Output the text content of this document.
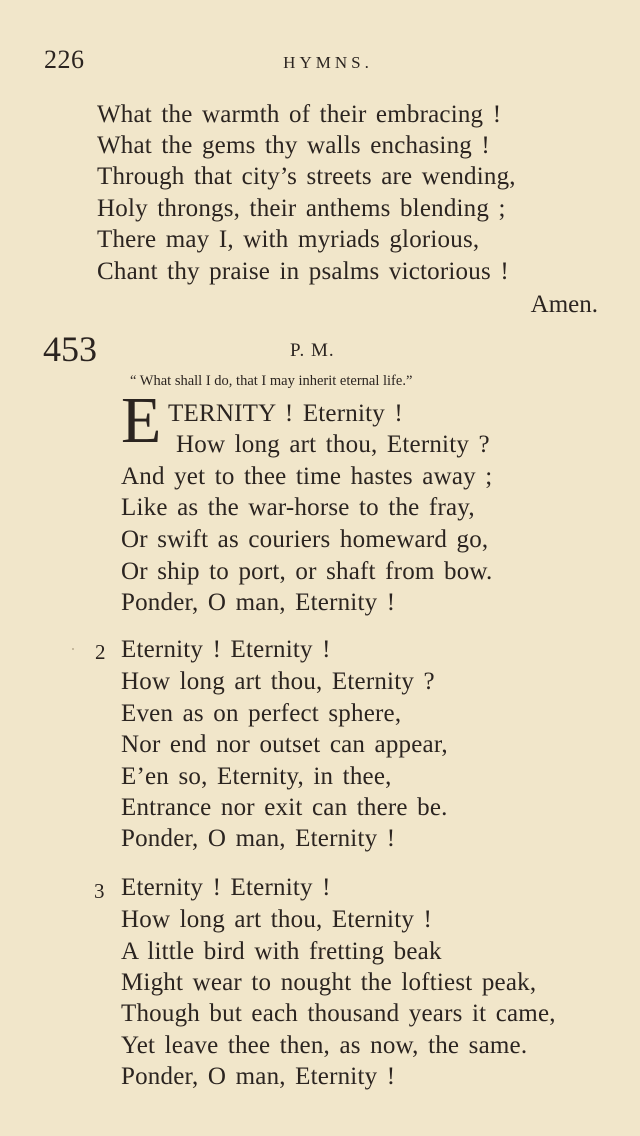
226	HYMNS.
What the warmth of their embracing !
What the gems thy walls enchasing !
Through that city’s streets are wending,
Holy throngs, their anthems blending ;
There may I, with myriads glorious,
Chant thy praise in psalms victorious !
Amen.
453	P. M.
“ What shall I do, that I may inherit eternal life.”
E TERNITY ! Eternity !
How long art thou, Eternity ?
And yet to thee time hastes away ;
Like as the war-horse to the fray,
Or swift as couriers homeward go,
Or ship to port, or shaft from bow.
Ponder, O man, Eternity !
2 Eternity ! Eternity !
How long art thou, Eternity ?
Even as on perfect sphere,
Nor end nor outset can appear,
E’en so, Eternity, in thee,
Entrance nor exit can there be.
Ponder, O man, Eternity !
3 Eternity ! Eternity !
How long art thou, Eternity !
A little bird with fretting beak
Might wear to nought the loftiest peak,
Though but each thousand years it came,
Yet leave thee then, as now, the same.
Ponder, O man, Eternity !
